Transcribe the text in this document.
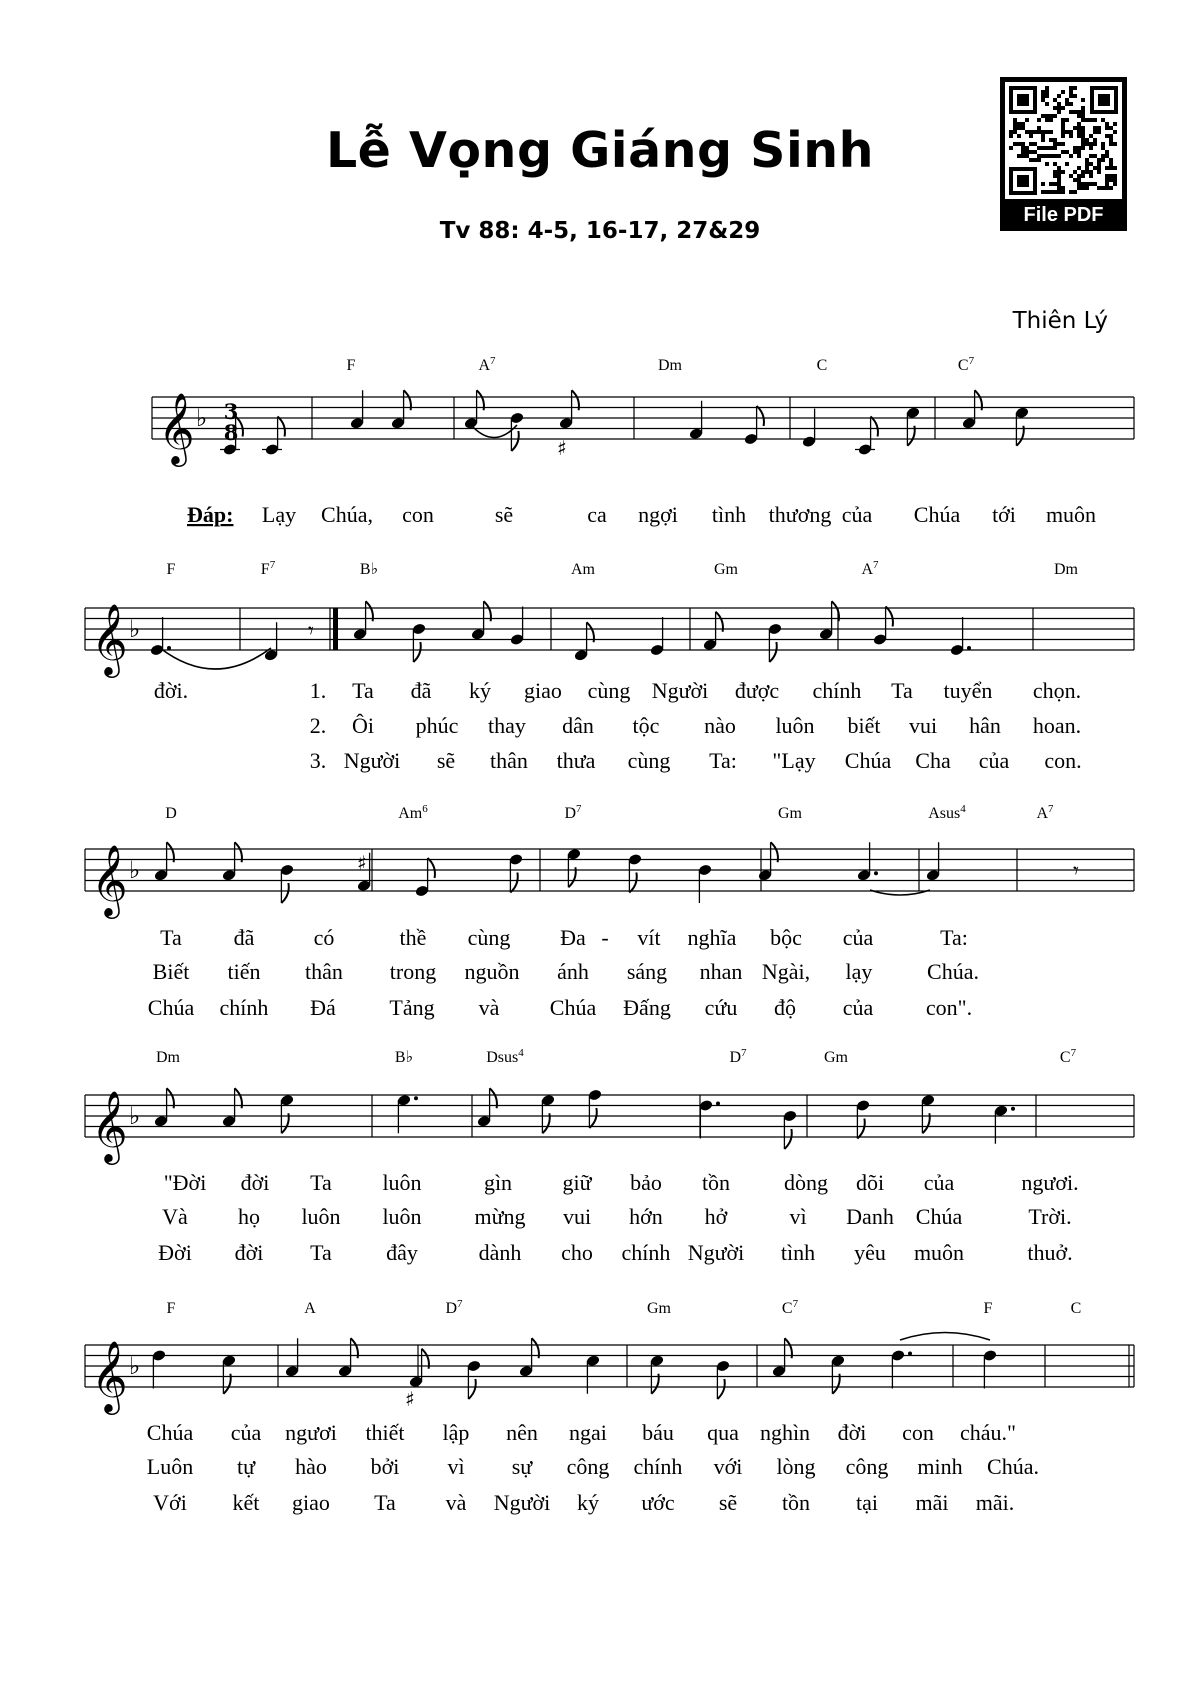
Lễ Vọng Giáng Sinh
Tv 88: 4-5, 16-17, 27&29
Thiên Lý
File PDF
𝄞 ♭
𝄞 ♭
𝄞 ♭
𝄞 ♭
𝄞 ♭
♯
♯
♯
𝄾
𝄾
F	$A^7$	Dm	C	$C^7$
F	$F^7$	B♭	Am	Gm	$A^7$	Dm
D	Am$^6$	$D^7$	Gm	Asus$^4$	$A^7$
Dm	B♭	Dsus$^4$	$D^7$	Gm	$C^7$
F	A	$D^7$	Gm	$C^7$	F	C
Lạy Chúa, con	sẽ	ca ngợi tình thương của Chúa tới muôn
đời.	1. Ta đã ký giao cùng Người được chính Ta tuyển chọn.
2. Ôi phúc thay dân tộc nào luôn biết vui hân hoan.
3. Người sẽ thân thưa cùng Ta: "Lạy Chúa Cha của con.
Ta đã	có	thề cùng Đa - vít nghĩa bộc của	Ta:
Biết tiến thân trong nguồn ánh sáng nhan Ngài, lạy Chúa.
Chúa chính Đá Tảng và Chúa Đấng cứu độ của con".
"Đời đời Ta luôn	gìn giữ bảo tồn dòng dõi của	ngươi.
Và họ luôn luôn mừng vui hớn hở	vì Danh Chúa	Trời.
Đời đời Ta đây	dành cho chính Người tình yêu muôn	thuở.
Chúa của ngươi thiết lập nên ngai báu qua nghìn đời con cháu."
Luôn tự hào bởi vì sự công chính với lòng công minh Chúa.
Với kết giao Ta và Người ký ước sẽ tồn tại mãi mãi.
Đáp:
3
8
